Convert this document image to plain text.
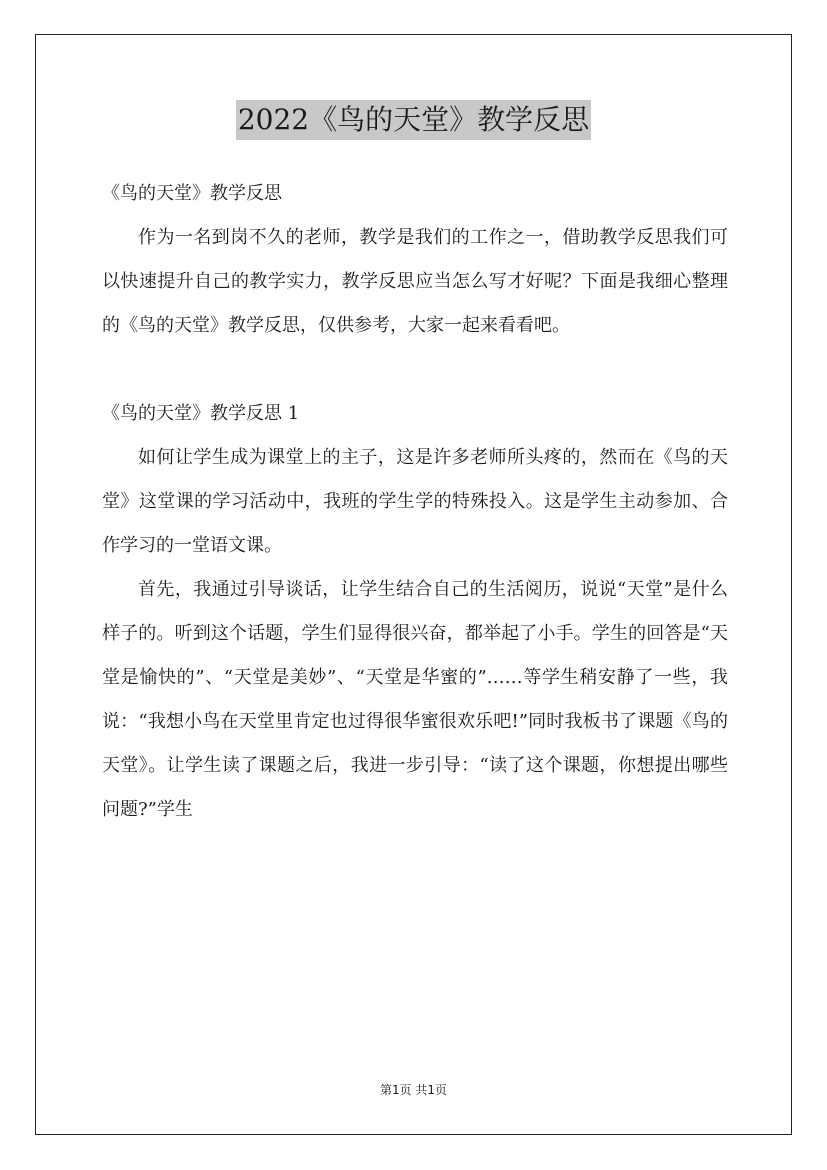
2022《鸟的天堂》教学反思

《鸟的天堂》教学反思

作为一名到岗不久的老师，教学是我们的工作之一，借助教学反思我们可以快速提升自己的教学实力，教学反思应当怎么写才好呢？下面是我细心整理的《鸟的天堂》教学反思，仅供参考，大家一起来看看吧。

《鸟的天堂》教学反思 1

如何让学生成为课堂上的主子，这是许多老师所头疼的，然而在《鸟的天堂》这堂课的学习活动中，我班的学生学的特殊投入。这是学生主动参加、合作学习的一堂语文课。

首先，我通过引导谈话，让学生结合自己的生活阅历，说说“天堂”是什么样子的。听到这个话题，学生们显得很兴奋，都举起了小手。学生的回答是“天堂是愉快的”、“天堂是美妙”、“天堂是华蜜的”……等学生稍安静了一些，我说：“我想小鸟在天堂里肯定也过得很华蜜很欢乐吧!”同时我板书了课题《鸟的天堂》。让学生读了课题之后，我进一步引导：“读了这个课题，你想提出哪些问题?”学生

第1页 共1页
